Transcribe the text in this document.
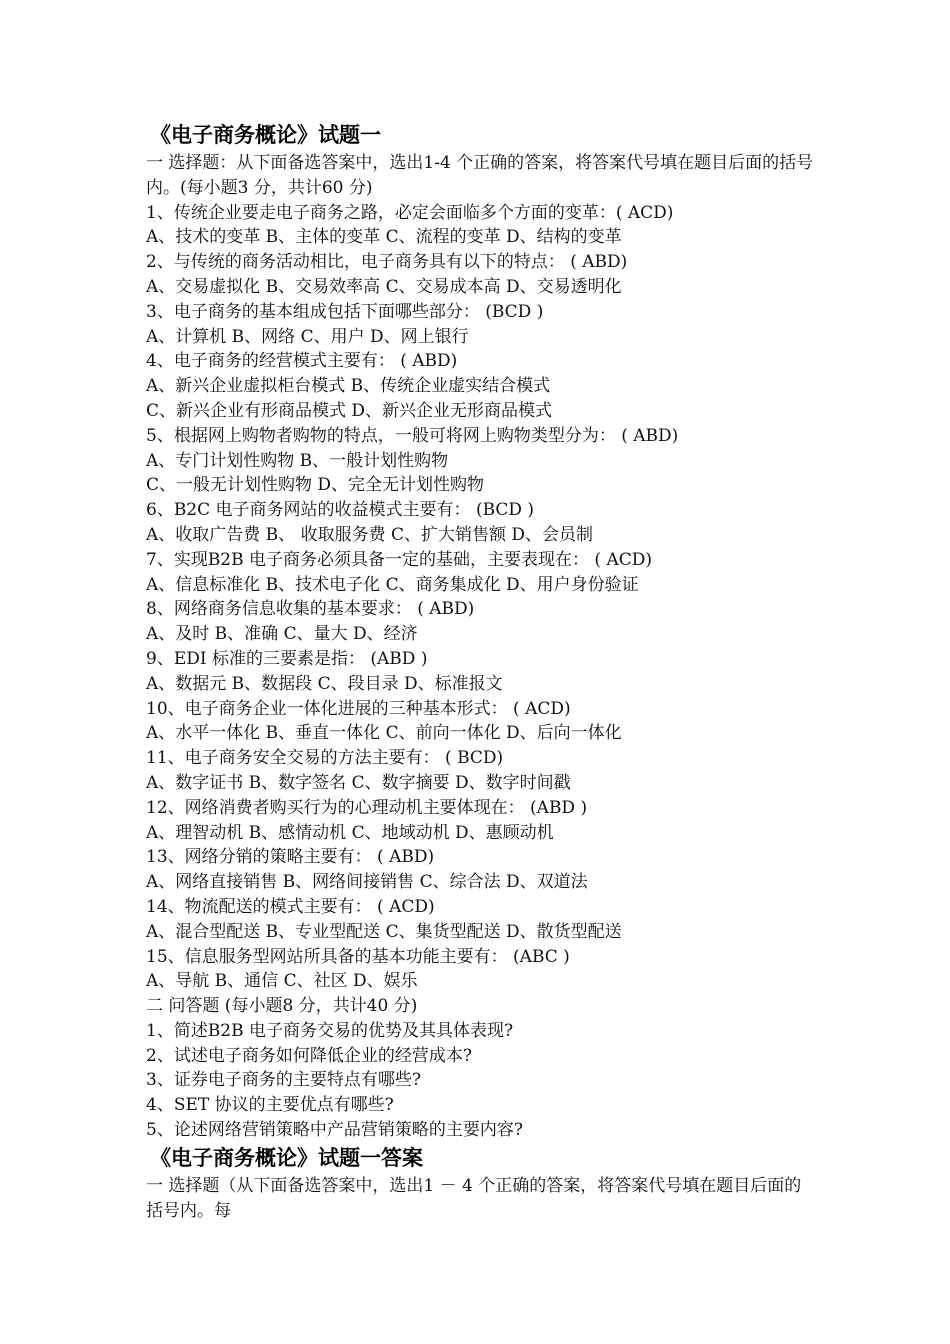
《电子商务概论》试题一
一 选择题：从下面备选答案中，选出1-4 个正确的答案，将答案代号填在题目后面的括号内。(每小题3 分，共计60 分)
1、传统企业要走电子商务之路，必定会面临多个方面的变革：( ACD)
A、技术的变革 B、主体的变革 C、流程的变革 D、结构的变革
2、与传统的商务活动相比，电子商务具有以下的特点： ( ABD)
A、交易虚拟化 B、交易效率高 C、交易成本高 D、交易透明化
3、电子商务的基本组成包括下面哪些部分： (BCD )
A、计算机 B、网络 C、用户 D、网上银行
4、电子商务的经营模式主要有： ( ABD)
A、新兴企业虚拟柜台模式 B、传统企业虚实结合模式
C、新兴企业有形商品模式 D、新兴企业无形商品模式
5、根据网上购物者购物的特点，一般可将网上购物类型分为： ( ABD)
A、专门计划性购物 B、一般计划性购物
C、一般无计划性购物 D、完全无计划性购物
6、B2C 电子商务网站的收益模式主要有： (BCD )
A、收取广告费 B、 收取服务费 C、扩大销售额 D、会员制
7、实现B2B 电子商务必须具备一定的基础，主要表现在： ( ACD)
A、信息标准化 B、技术电子化 C、商务集成化 D、用户身份验证
8、网络商务信息收集的基本要求： ( ABD)
A、及时 B、准确 C、量大 D、经济
9、EDI 标准的三要素是指： (ABD )
A、数据元 B、数据段 C、段目录 D、标准报文
10、电子商务企业一体化进展的三种基本形式： ( ACD)
A、水平一体化 B、垂直一体化 C、前向一体化 D、后向一体化
11、电子商务安全交易的方法主要有： ( BCD)
A、数字证书 B、数字签名 C、数字摘要 D、数字时间戳
12、网络消费者购买行为的心理动机主要体现在： (ABD )
A、理智动机 B、感情动机 C、地域动机 D、惠顾动机
13、网络分销的策略主要有： ( ABD)
A、网络直接销售 B、网络间接销售 C、综合法 D、双道法
14、物流配送的模式主要有： ( ACD)
A、混合型配送 B、专业型配送 C、集货型配送 D、散货型配送
15、信息服务型网站所具备的基本功能主要有： (ABC )
A、导航 B、通信 C、社区 D、娱乐
二 问答题 (每小题8 分，共计40 分)
1、简述B2B 电子商务交易的优势及其具体表现?
2、试述电子商务如何降低企业的经营成本?
3、证券电子商务的主要特点有哪些?
4、SET 协议的主要优点有哪些?
5、论述网络营销策略中产品营销策略的主要内容?
《电子商务概论》试题一答案
一 选择题（从下面备选答案中，选出1 － 4 个正确的答案，将答案代号填在题目后面的括号内。每
